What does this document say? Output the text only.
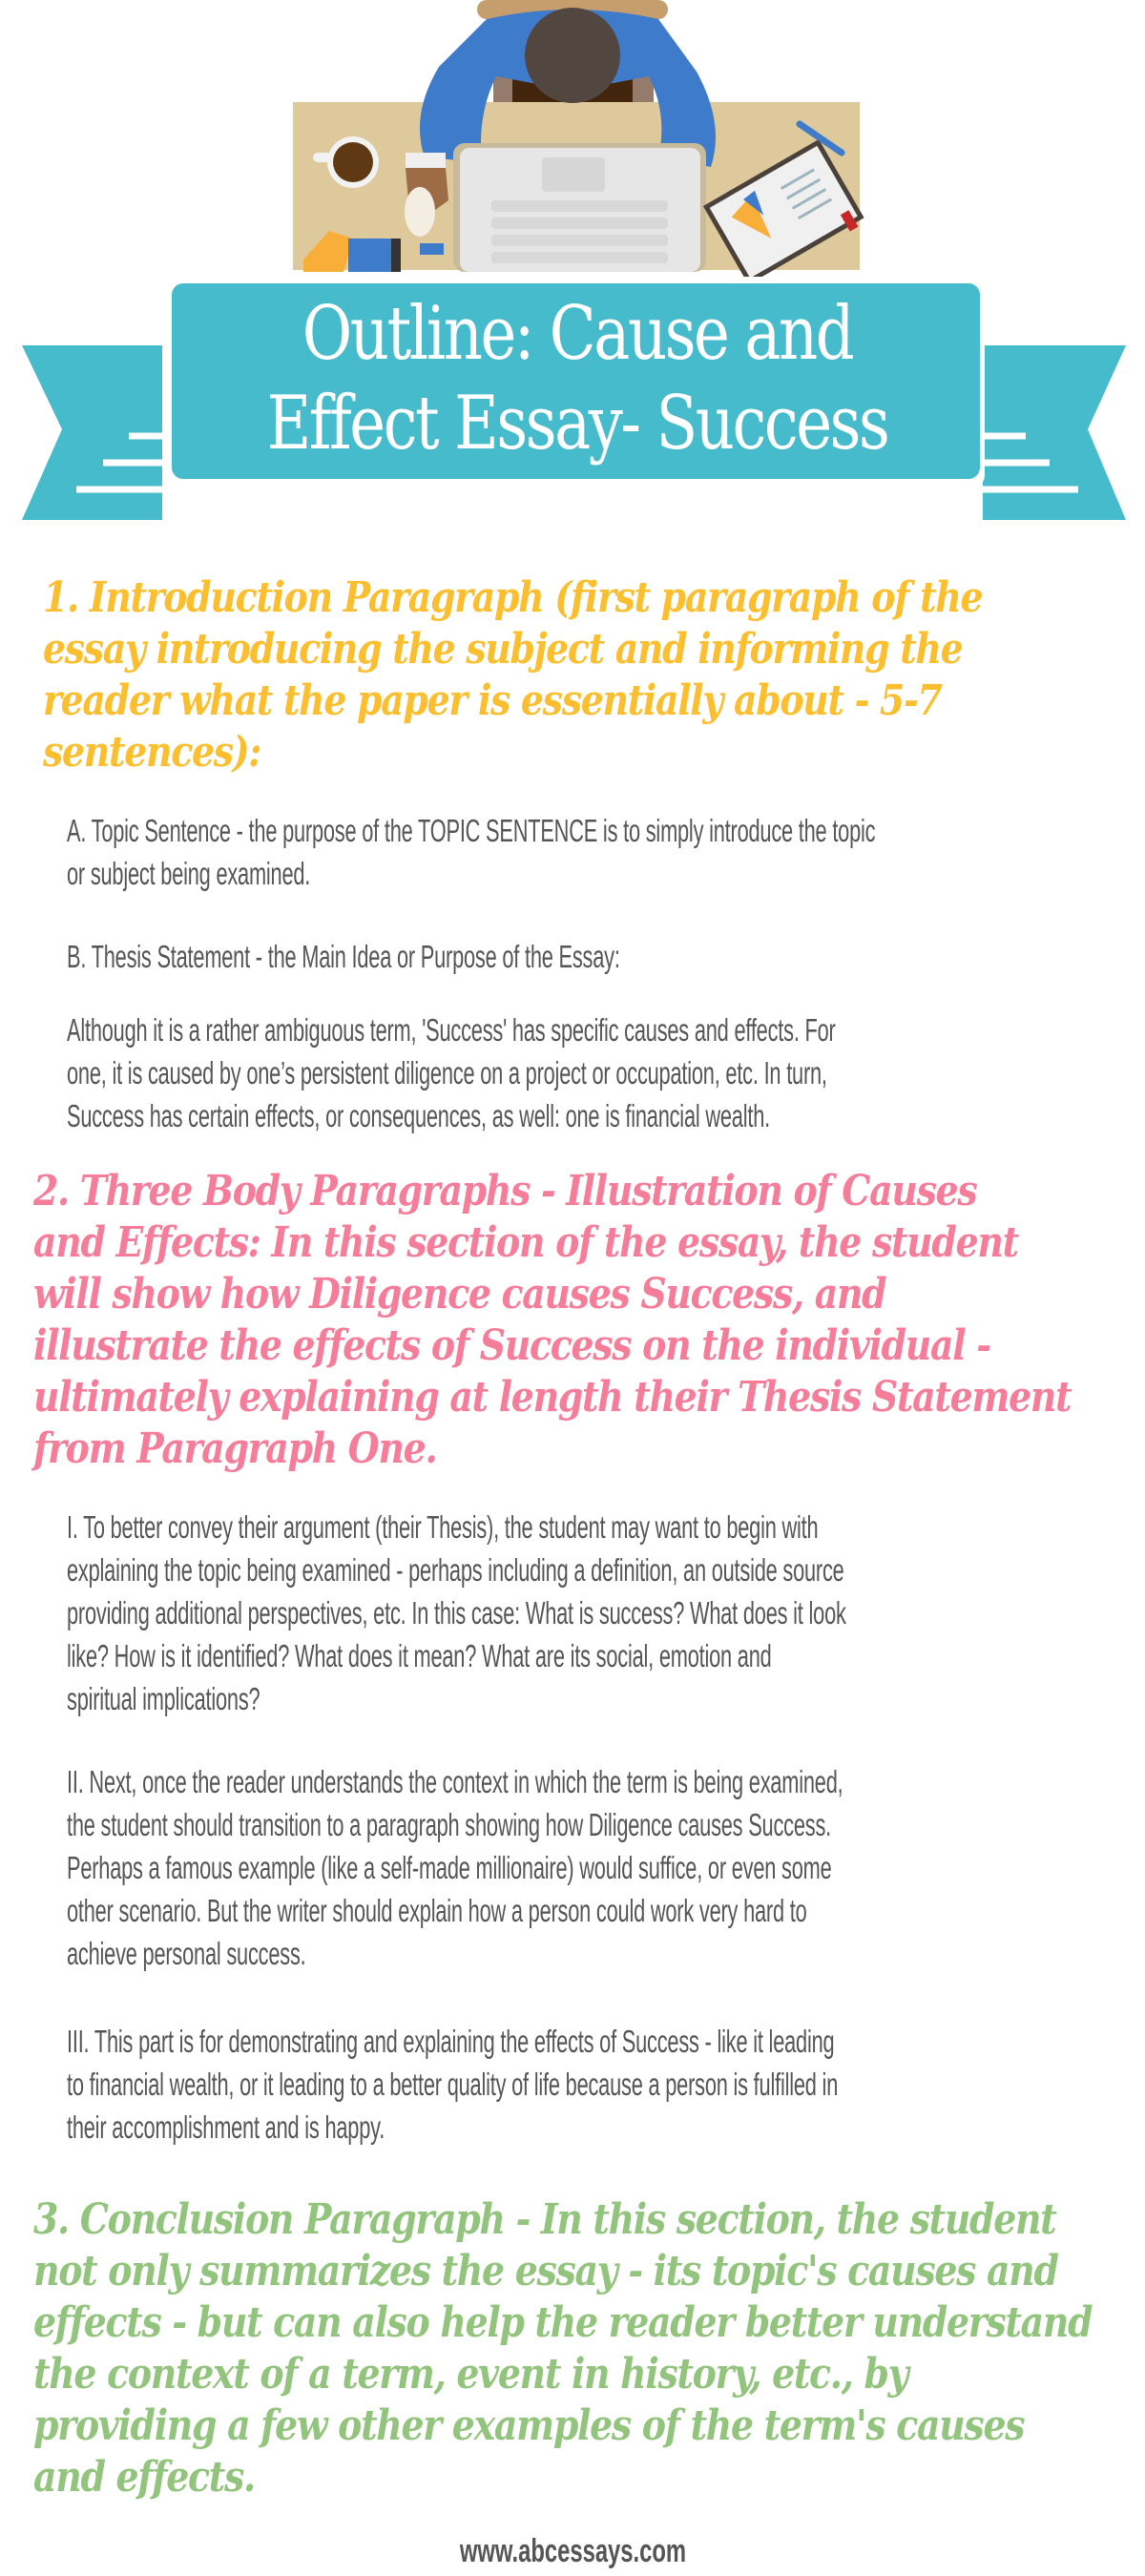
Outline: Cause and
Effect Essay- Success
1. Introduction Paragraph (first paragraph of the
essay introducing the subject and informing the
reader what the paper is essentially about - 5-7
sentences):

A. Topic Sentence - the purpose of the TOPIC SENTENCE is to simply introduce the topic

or subject being examined.

B. Thesis Statement - the Main Idea or Purpose of the Essay:

Although it is a rather ambiguous term, 'Success' has specific causes and effects. For

one, it is caused by one’s persistent diligence on a project or occupation, etc. In turn,

Success has certain effects, or consequences, as well: one is financial wealth.

2. Three Body Paragraphs - Illustration of Causes
and Effects: In this section of the essay, the student
will show how Diligence causes Success, and
illustrate the effects of Success on the individual -
ultimately explaining at length their Thesis Statement
from Paragraph One.

I. To better convey their argument (their Thesis), the student may want to begin with

explaining the topic being examined - perhaps including a definition, an outside source

providing additional perspectives, etc. In this case: What is success? What does it look

like? How is it identified? What does it mean? What are its social, emotion and

spiritual implications?

II. Next, once the reader understands the context in which the term is being examined,

the student should transition to a paragraph showing how Diligence causes Success.

Perhaps a famous example (like a self-made millionaire) would suffice, or even some

other scenario. But the writer should explain how a person could work very hard to

achieve personal success.

III. This part is for demonstrating and explaining the effects of Success - like it leading

to financial wealth, or it leading to a better quality of life because a person is fulfilled in

their accomplishment and is happy.

3. Conclusion Paragraph - In this section, the student
not only summarizes the essay - its topic's causes and
effects - but can also help the reader better understand
the context of a term, event in history, etc., by
providing a few other examples of the term's causes
and effects.
www.abcessays.com
